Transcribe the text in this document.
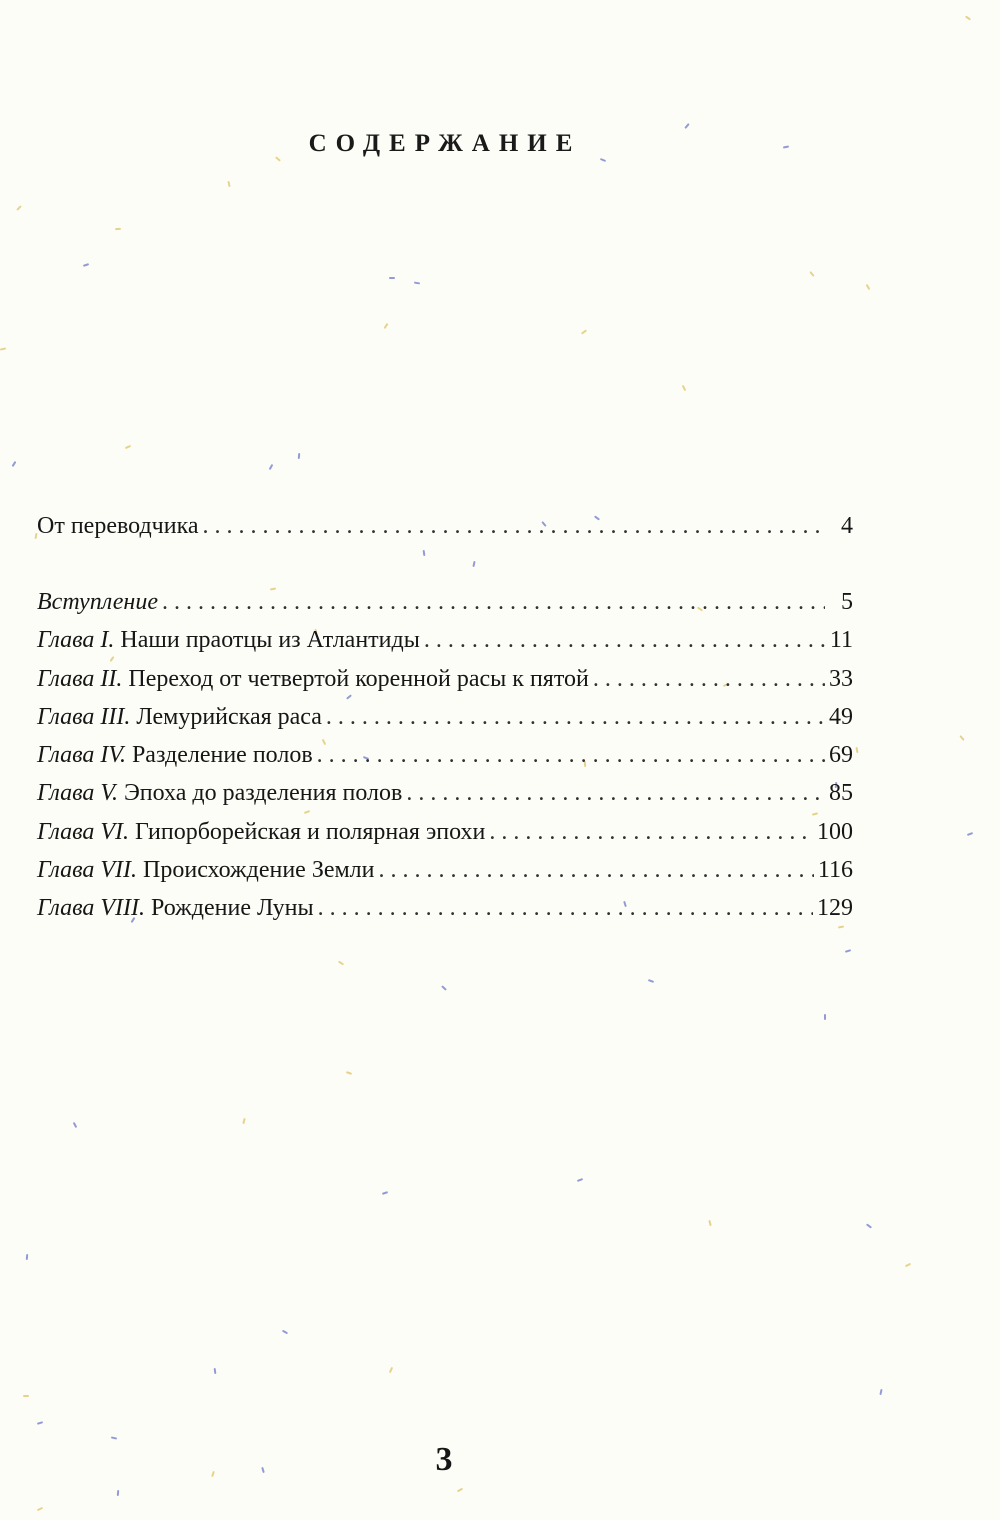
СОДЕРЖАНИЕ
От переводчика . . .	4
Вступление . . .	5
Глава I. Наши праотцы из Атлантиды . . .	11
Глава II. Переход от четвертой коренной расы к пятой . . .	33
Глава III. Лемурийская раса . . .	49
Глава IV. Разделение полов . . .	69
Глава V. Эпоха до разделения полов . . .	85
Глава VI. Гипорборейская и полярная эпохи . . .	100
Глава VII. Происхождение Земли . . .	116
Глава VIII. Рождение Луны . . .	129
3
